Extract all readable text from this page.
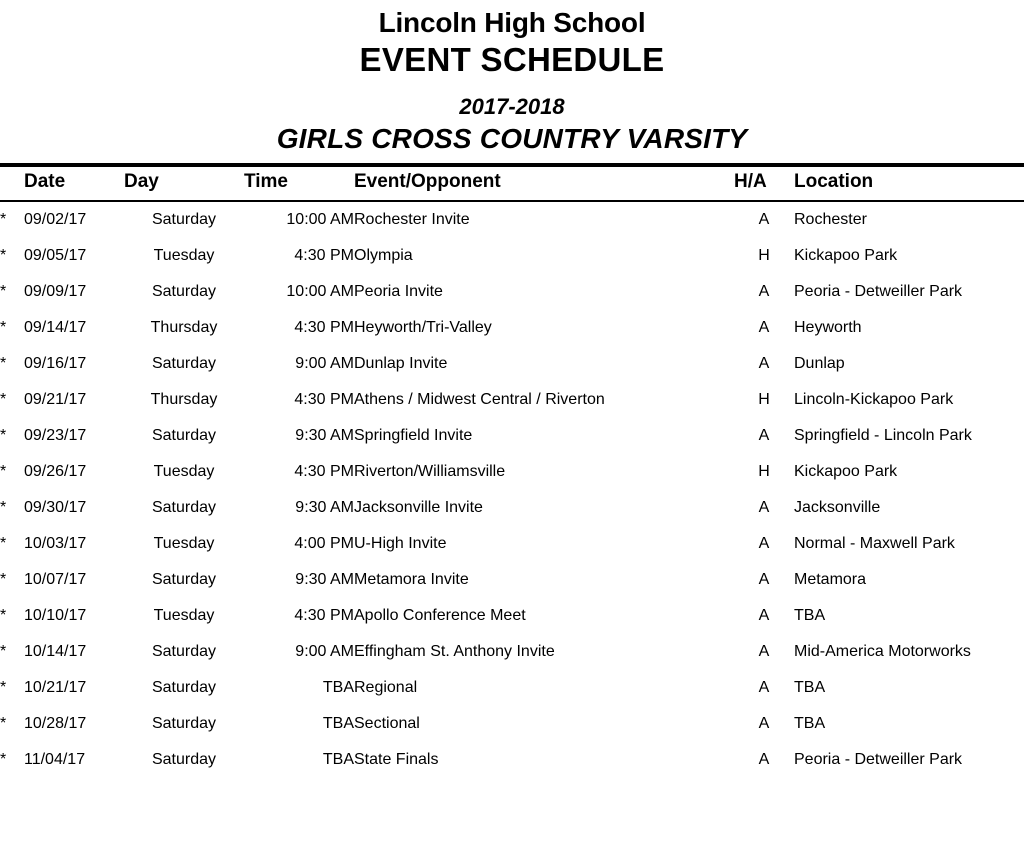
Lincoln High School
EVENT SCHEDULE
2017-2018
GIRLS CROSS COUNTRY VARSITY
	Date	Day	Time	Event/Opponent	H/A	Location
*	09/02/17	Saturday	10:00 AM	Rochester Invite	A	Rochester
*	09/05/17	Tuesday	4:30 PM	Olympia	H	Kickapoo Park
*	09/09/17	Saturday	10:00 AM	Peoria Invite	A	Peoria - Detweiller Park
*	09/14/17	Thursday	4:30 PM	Heyworth/Tri-Valley	A	Heyworth
*	09/16/17	Saturday	9:00 AM	Dunlap Invite	A	Dunlap
*	09/21/17	Thursday	4:30 PM	Athens / Midwest Central / Riverton	H	Lincoln-Kickapoo Park
*	09/23/17	Saturday	9:30 AM	Springfield Invite	A	Springfield - Lincoln Park
*	09/26/17	Tuesday	4:30 PM	Riverton/Williamsville	H	Kickapoo Park
*	09/30/17	Saturday	9:30 AM	Jacksonville Invite	A	Jacksonville
*	10/03/17	Tuesday	4:00 PM	U-High Invite	A	Normal - Maxwell Park
*	10/07/17	Saturday	9:30 AM	Metamora Invite	A	Metamora
*	10/10/17	Tuesday	4:30 PM	Apollo Conference Meet	A	TBA
*	10/14/17	Saturday	9:00 AM	Effingham St. Anthony Invite	A	Mid-America Motorworks
*	10/21/17	Saturday	TBA	Regional	A	TBA
*	10/28/17	Saturday	TBA	Sectional	A	TBA
*	11/04/17	Saturday	TBA	State Finals	A	Peoria - Detweiller Park
